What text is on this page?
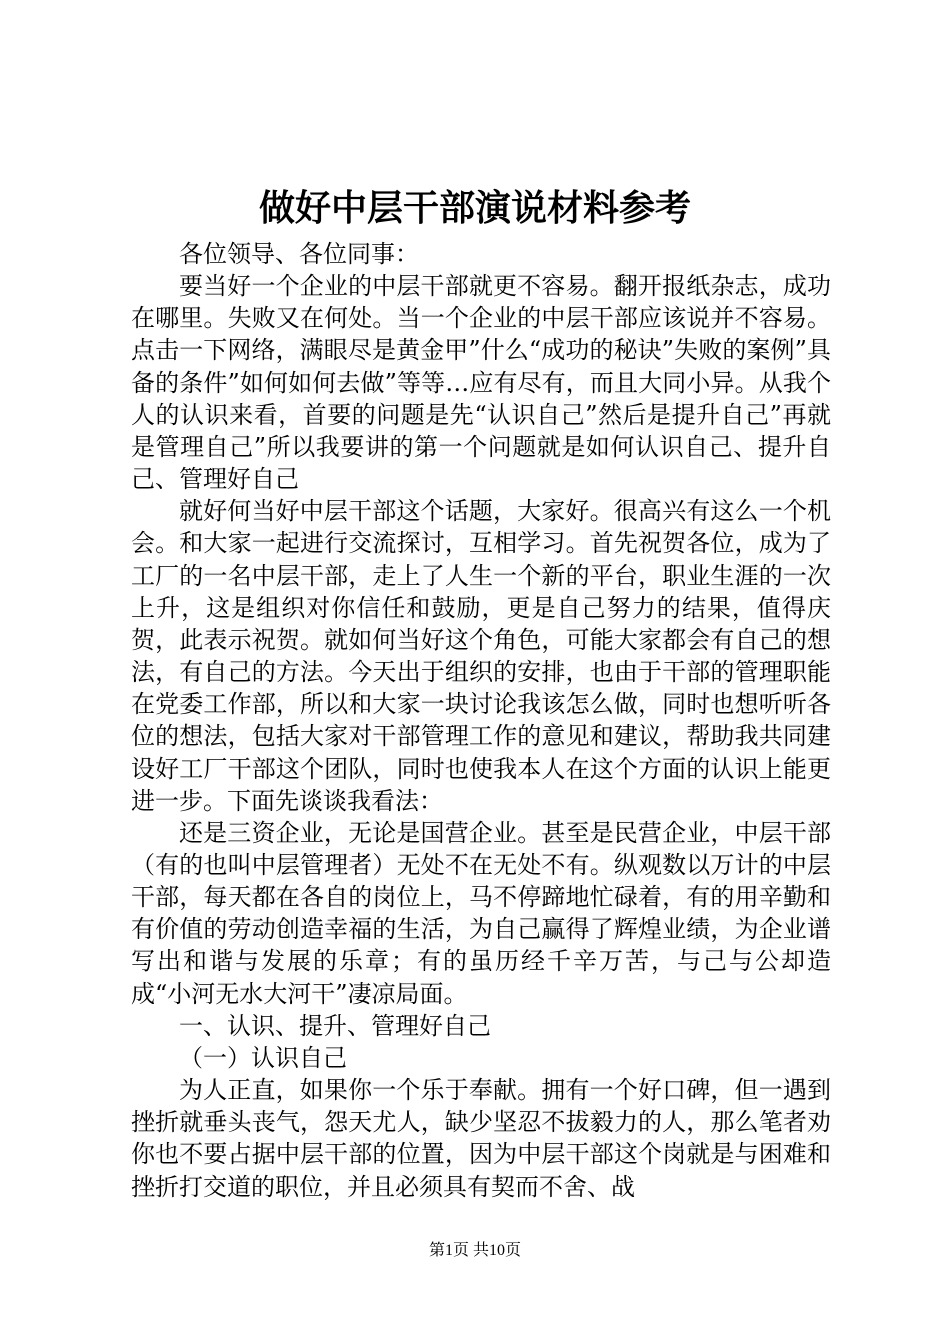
做好中层干部演说材料参考

各位领导、各位同事：

要当好一个企业的中层干部就更不容易。翻开报纸杂志，成功在哪里。失败又在何处。当一个企业的中层干部应该说并不容易。点击一下网络，满眼尽是黄金甲”什么“成功的秘诀”失败的案例”具备的条件”如何如何去做”等等…应有尽有，而且大同小异。从我个人的认识来看，首要的问题是先“认识自己”然后是提升自己”再就是管理自己”所以我要讲的第一个问题就是如何认识自己、提升自己、管理好自己

就好何当好中层干部这个话题，大家好。很高兴有这么一个机会。和大家一起进行交流探讨，互相学习。首先祝贺各位，成为了工厂的一名中层干部，走上了人生一个新的平台，职业生涯的一次上升，这是组织对你信任和鼓励，更是自己努力的结果，值得庆贺，此表示祝贺。就如何当好这个角色，可能大家都会有自己的想法，有自己的方法。今天出于组织的安排，也由于干部的管理职能在党委工作部，所以和大家一块讨论我该怎么做，同时也想听听各位的想法，包括大家对干部管理工作的意见和建议，帮助我共同建设好工厂干部这个团队，同时也使我本人在这个方面的认识上能更进一步。下面先谈谈我看法：

还是三资企业，无论是国营企业。甚至是民营企业，中层干部（有的也叫中层管理者）无处不在无处不有。纵观数以万计的中层干部，每天都在各自的岗位上，马不停蹄地忙碌着，有的用辛勤和有价值的劳动创造幸福的生活，为自己赢得了辉煌业绩，为企业谱写出和谐与发展的乐章；有的虽历经千辛万苦，与己与公却造成“小河无水大河干”凄凉局面。

一、认识、提升、管理好自己

（一）认识自己

为人正直，如果你一个乐于奉献。拥有一个好口碑，但一遇到挫折就垂头丧气，怨天尤人，缺少坚忍不拔毅力的人，那么笔者劝你也不要占据中层干部的位置，因为中层干部这个岗就是与困难和挫折打交道的职位，并且必须具有契而不舍、战

第1页 共10页
